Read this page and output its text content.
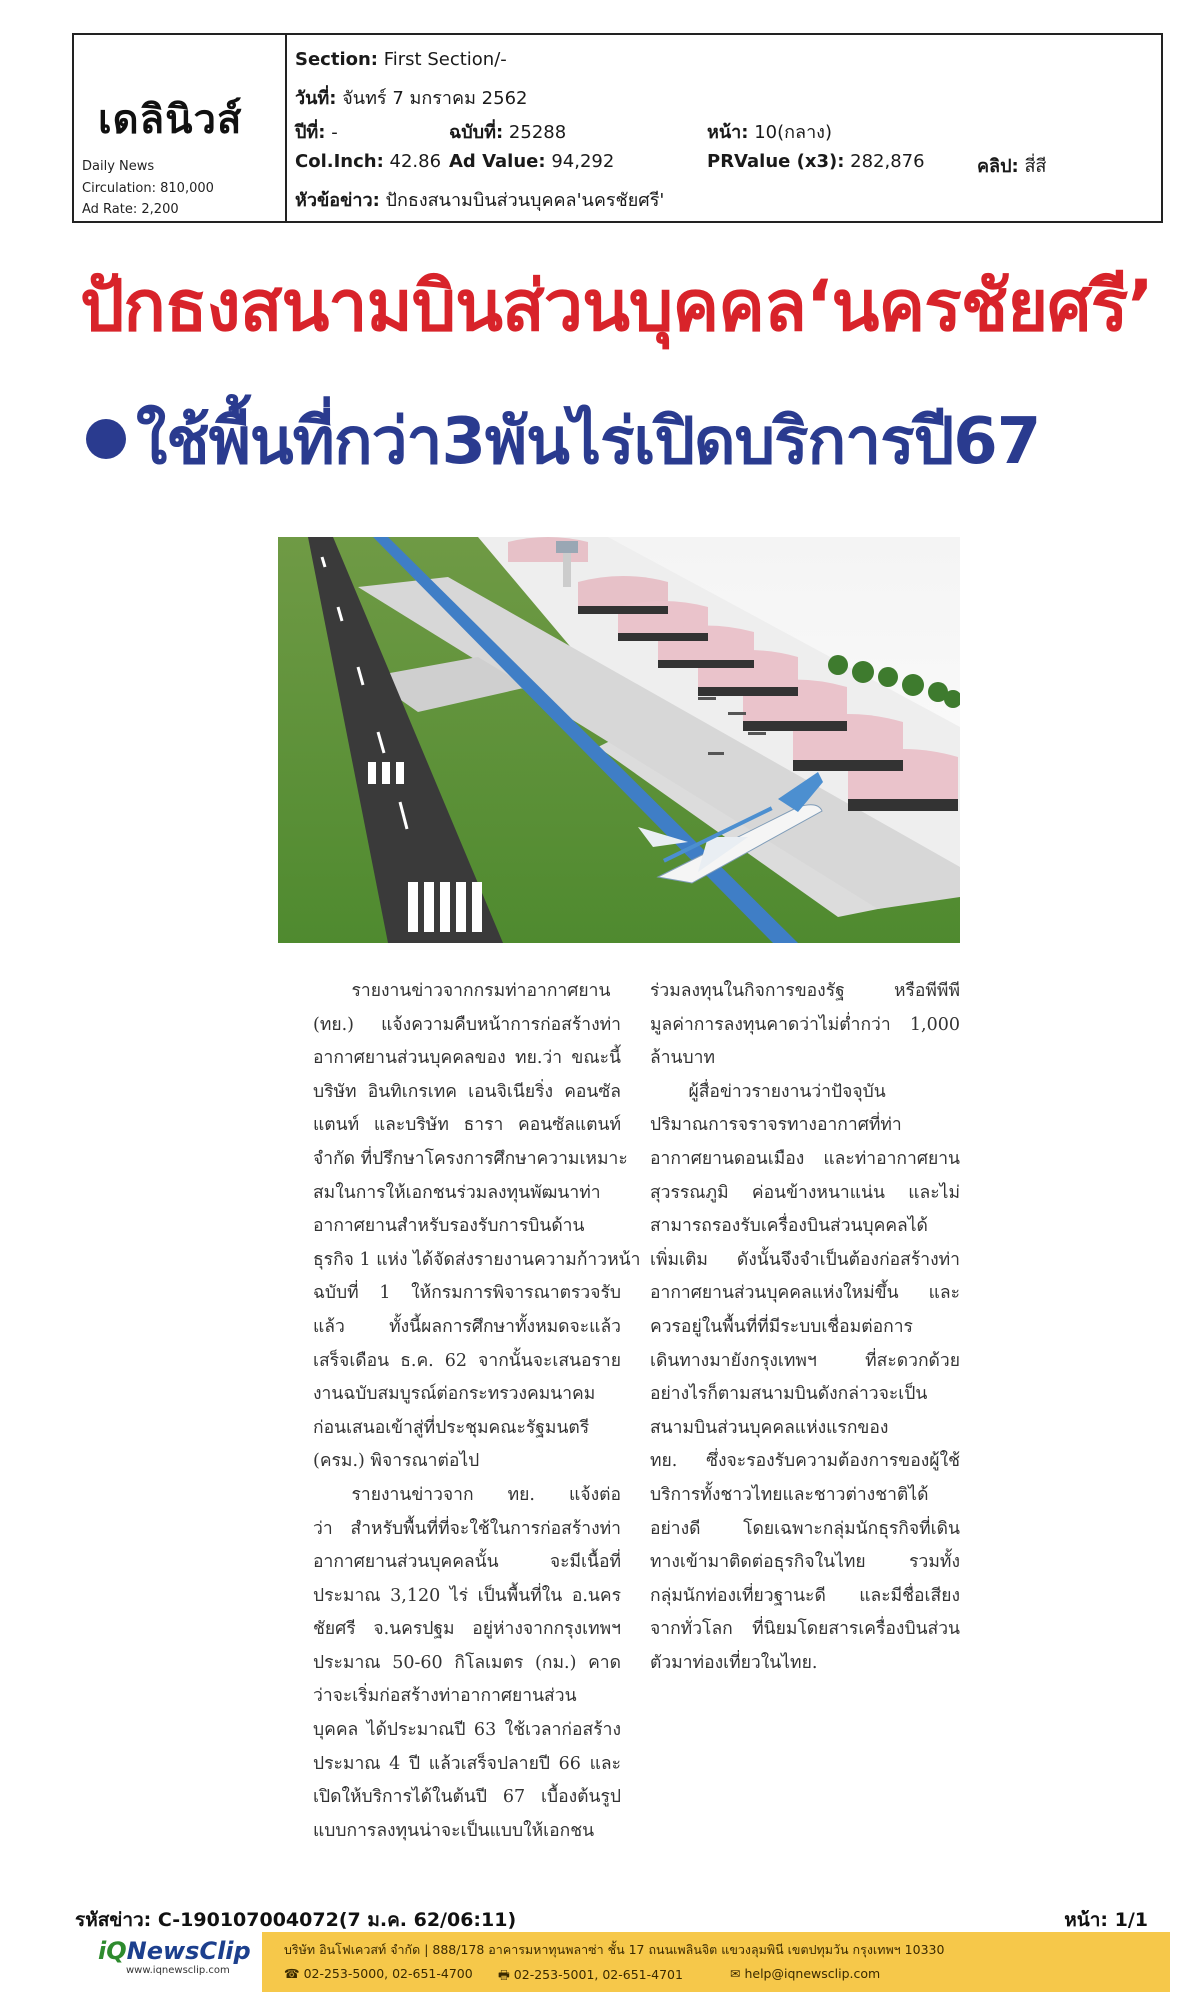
เดลินิวส์
Daily News
Circulation: 810,000
Ad Rate: 2,200
Section: First Section/-
วันที่: จันทร์ 7 มกราคม 2562
ปีที่: -	ฉบับที่: 25288	หน้า: 10(กลาง)
Col.Inch: 42.86 Ad Value: 94,292	PRValue (x3): 282,876	คลิป: สี่สี
หัวข้อข่าว: ปักธงสนามบินส่วนบุคคล'นครชัยศรี'
ปักธงสนามบินส่วนบุคคล‘นครชัยศรี’
ใช้พื้นที่กว่า3พันไร่เปิดบริการปี67
รายงานข่าวจากกรมท่าอากาศยาน
(ทย.) แจ้งความคืบหน้าการก่อสร้างท่า
อากาศยานส่วนบุคคลของ ทย.ว่า ขณะนี้
บริษัท อินทิเกรเทค เอนจิเนียริ่ง คอนซัล
แตนท์ และบริษัท ธารา คอนซัลแตนท์
จำกัด ที่ปรึกษาโครงการศึกษาความเหมาะ
สมในการให้เอกชนร่วมลงทุนพัฒนาท่า
อากาศยานสำหรับรองรับการบินด้าน
ธุรกิจ 1 แห่ง ได้จัดส่งรายงานความก้าวหน้า
ฉบับที่ 1 ให้กรมการพิจารณาตรวจรับ
แล้ว ทั้งนี้ผลการศึกษาทั้งหมดจะแล้ว
เสร็จเดือน ธ.ค. 62 จากนั้นจะเสนอราย
งานฉบับสมบูรณ์ต่อกระทรวงคมนาคม
ก่อนเสนอเข้าสู่ที่ประชุมคณะรัฐมนตรี
(ครม.) พิจารณาต่อไป
รายงานข่าวจาก ทย. แจ้งต่อ
ว่า สำหรับพื้นที่ที่จะใช้ในการก่อสร้างท่า
อากาศยานส่วนบุคคลนั้น จะมีเนื้อที่
ประมาณ 3,120 ไร่ เป็นพื้นที่ใน อ.นคร
ชัยศรี จ.นครปฐม อยู่ห่างจากกรุงเทพฯ
ประมาณ 50-60 กิโลเมตร (กม.) คาด
ว่าจะเริ่มก่อสร้างท่าอากาศยานส่วน
บุคคล ได้ประมาณปี 63 ใช้เวลาก่อสร้าง
ประมาณ 4 ปี แล้วเสร็จปลายปี 66 และ
เปิดให้บริการได้ในต้นปี 67 เบื้องต้นรูป
แบบการลงทุนน่าจะเป็นแบบให้เอกชน
ร่วมลงทุนในกิจการของรัฐ หรือพีพีพี
มูลค่าการลงทุนคาดว่าไม่ต่ำกว่า 1,000
ล้านบาท
ผู้สื่อข่าวรายงานว่าปัจจุบัน
ปริมาณการจราจรทางอากาศที่ท่า
อากาศยานดอนเมือง และท่าอากาศยาน
สุวรรณภูมิ ค่อนข้างหนาแน่น และไม่
สามารถรองรับเครื่องบินส่วนบุคคลได้
เพิ่มเติม ดังนั้นจึงจำเป็นต้องก่อสร้างท่า
อากาศยานส่วนบุคคลแห่งใหม่ขึ้น และ
ควรอยู่ในพื้นที่ที่มีระบบเชื่อมต่อการ
เดินทางมายังกรุงเทพฯ ที่สะดวกด้วย
อย่างไรก็ตามสนามบินดังกล่าวจะเป็น
สนามบินส่วนบุคคลแห่งแรกของ
ทย. ซึ่งจะรองรับความต้องการของผู้ใช้
บริการทั้งชาวไทยและชาวต่างชาติได้
อย่างดี โดยเฉพาะกลุ่มนักธุรกิจที่เดิน
ทางเข้ามาติดต่อธุรกิจในไทย รวมทั้ง
กลุ่มนักท่องเที่ยวฐานะดี และมีชื่อเสียง
จากทั่วโลก ที่นิยมโดยสารเครื่องบินส่วน
ตัวมาท่องเที่ยวในไทย.
รหัสข่าว: C-190107004072(7 ม.ค. 62/06:11)	หน้า: 1/1
iQNewsClip
www.iqnewsclip.com
บริษัท อินโฟเควสท์ จำกัด | 888/178 อาคารมหาทุนพลาซ่า ชั้น 17 ถนนเพลินจิต แขวงลุมพินี เขตปทุมวัน กรุงเทพฯ 10330
☎ 02-253-5000, 02-651-4700 🖶 02-253-5001, 02-651-4701	✉ help@iqnewsclip.com
